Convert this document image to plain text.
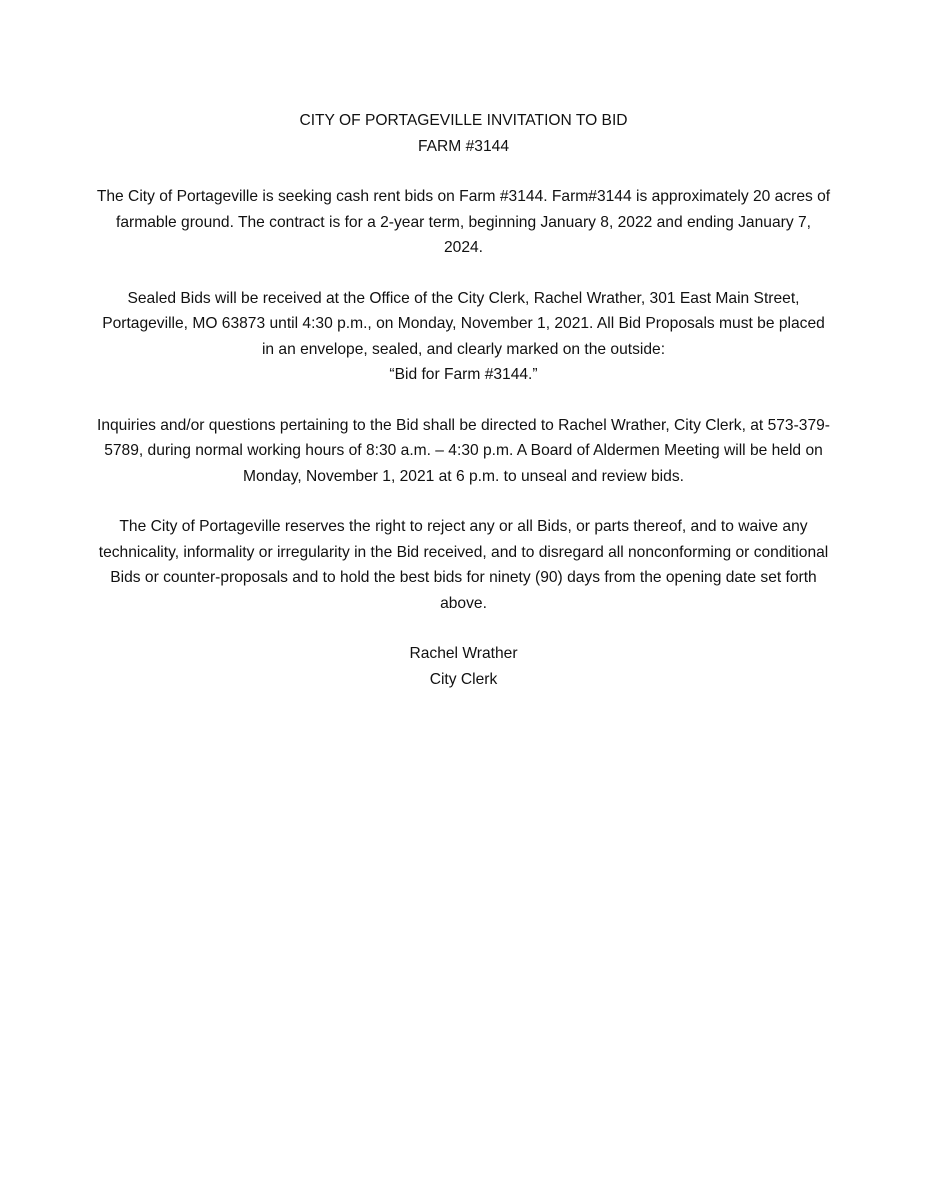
CITY OF PORTAGEVILLE INVITATION TO BID

FARM #3144

The City of Portageville is seeking cash rent bids on Farm #3144. Farm#3144 is approximately 20 acres of farmable ground. The contract is for a 2-year term, beginning January 8, 2022 and ending January 7, 2024.

Sealed Bids will be received at the Office of the City Clerk, Rachel Wrather, 301 East Main Street, Portageville, MO 63873 until 4:30 p.m., on Monday, November 1, 2021. All Bid Proposals must be placed in an envelope, sealed, and clearly marked on the outside:
“Bid for Farm #3144.”

Inquiries and/or questions pertaining to the Bid shall be directed to Rachel Wrather, City Clerk, at 573-379-5789, during normal working hours of 8:30 a.m. – 4:30 p.m. A Board of Aldermen Meeting will be held on Monday, November 1, 2021 at 6 p.m. to unseal and review bids.

The City of Portageville reserves the right to reject any or all Bids, or parts thereof, and to waive any technicality, informality or irregularity in the Bid received, and to disregard all nonconforming or conditional Bids or counter-proposals and to hold the best bids for ninety (90) days from the opening date set forth above.

Rachel Wrather

City Clerk
